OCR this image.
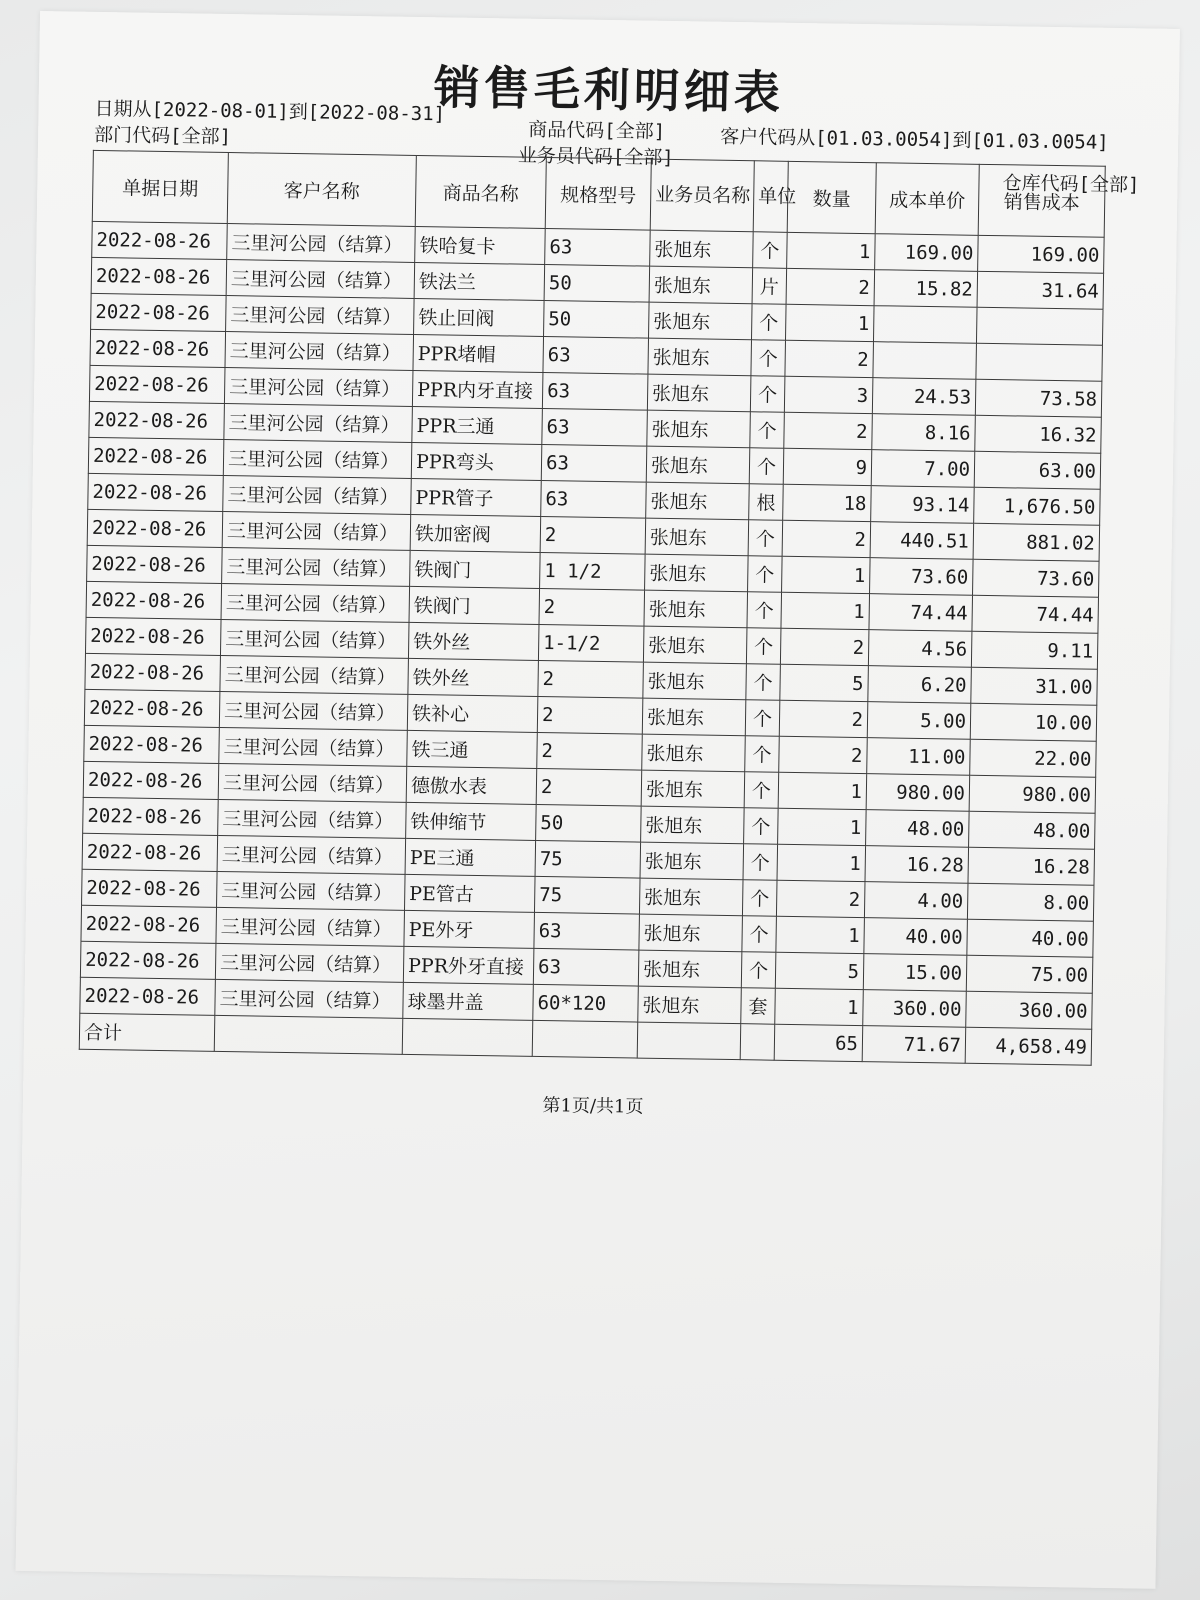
销售毛利明细表
日期从[2022-08-01]到[2022-08-31]
商品代码[全部]	客户代码从[01.03.0054]到[01.03.0054]
部门代码[全部]
业务员代码[全部]
仓库代码[全部]
单据日期	客户名称	商品名称	规格型号	业务员名称	单位	数量	成本单价	销售成本
2022-08-26	三里河公园（结算）	铁哈复卡	63	张旭东	个	1	169.00	169.00
2022-08-26	三里河公园（结算）	铁法兰	50	张旭东	片	2	15.82	31.64
2022-08-26	三里河公园（结算）	铁止回阀	50	张旭东	个	1		
2022-08-26	三里河公园（结算）	PPR堵帽	63	张旭东	个	2		
2022-08-26	三里河公园（结算）	PPR内牙直接	63	张旭东	个	3	24.53	73.58
2022-08-26	三里河公园（结算）	PPR三通	63	张旭东	个	2	8.16	16.32
2022-08-26	三里河公园（结算）	PPR弯头	63	张旭东	个	9	7.00	63.00
2022-08-26	三里河公园（结算）	PPR管子	63	张旭东	根	18	93.14	1,676.50
2022-08-26	三里河公园（结算）	铁加密阀	2	张旭东	个	2	440.51	881.02
2022-08-26	三里河公园（结算）	铁阀门	1 1/2	张旭东	个	1	73.60	73.60
2022-08-26	三里河公园（结算）	铁阀门	2	张旭东	个	1	74.44	74.44
2022-08-26	三里河公园（结算）	铁外丝	1-1/2	张旭东	个	2	4.56	9.11
2022-08-26	三里河公园（结算）	铁外丝	2	张旭东	个	5	6.20	31.00
2022-08-26	三里河公园（结算）	铁补心	2	张旭东	个	2	5.00	10.00
2022-08-26	三里河公园（结算）	铁三通	2	张旭东	个	2	11.00	22.00
2022-08-26	三里河公园（结算）	德傲水表	2	张旭东	个	1	980.00	980.00
2022-08-26	三里河公园（结算）	铁伸缩节	50	张旭东	个	1	48.00	48.00
2022-08-26	三里河公园（结算）	PE三通	75	张旭东	个	1	16.28	16.28
2022-08-26	三里河公园（结算）	PE管古	75	张旭东	个	2	4.00	8.00
2022-08-26	三里河公园（结算）	PE外牙	63	张旭东	个	1	40.00	40.00
2022-08-26	三里河公园（结算）	PPR外牙直接	63	张旭东	个	5	15.00	75.00
2022-08-26	三里河公园（结算）	球墨井盖	60*120	张旭东	套	1	360.00	360.00
合计						65	71.67	4,658.49
第1页/共1页
